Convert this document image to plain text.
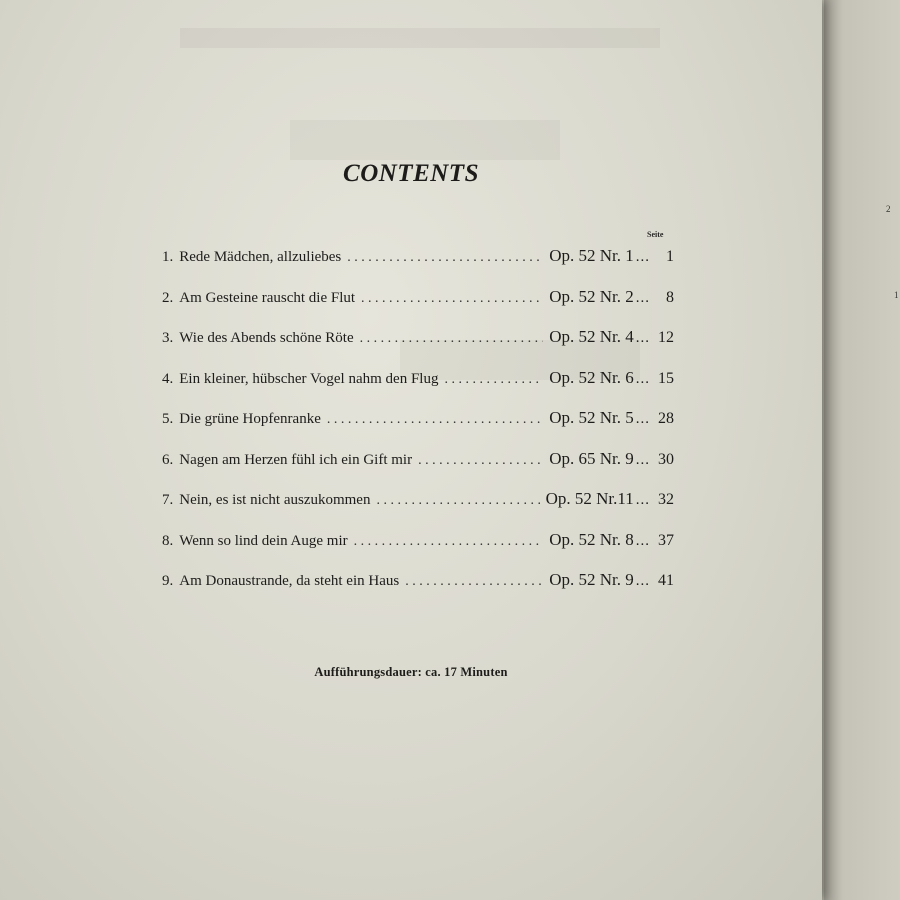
2
1
CONTENTS
Seite
1. Rede Mädchen, allzuliebes . . .	Op. 52 Nr. 1 ...	1
2. Am Gesteine rauscht die Flut . . .	Op. 52 Nr. 2 ...	8
3. Wie des Abends schöne Röte . . .	Op. 52 Nr. 4 ... 12
4. Ein kleiner, hübscher Vogel nahm den Flug . . .	Op. 52 Nr. 6 ... 15
5. Die grüne Hopfenranke . . .	Op. 52 Nr. 5 ... 28
6. Nagen am Herzen fühl ich ein Gift mir . . .	Op. 65 Nr. 9 ... 30
7. Nein, es ist nicht auszukommen . . .	Op. 52 Nr.11 ... 32
8. Wenn so lind dein Auge mir . . .	Op. 52 Nr. 8 ... 37
9. Am Donaustrande, da steht ein Haus . . .	Op. 52 Nr. 9 ... 41
Aufführungsdauer: ca. 17 Minuten
